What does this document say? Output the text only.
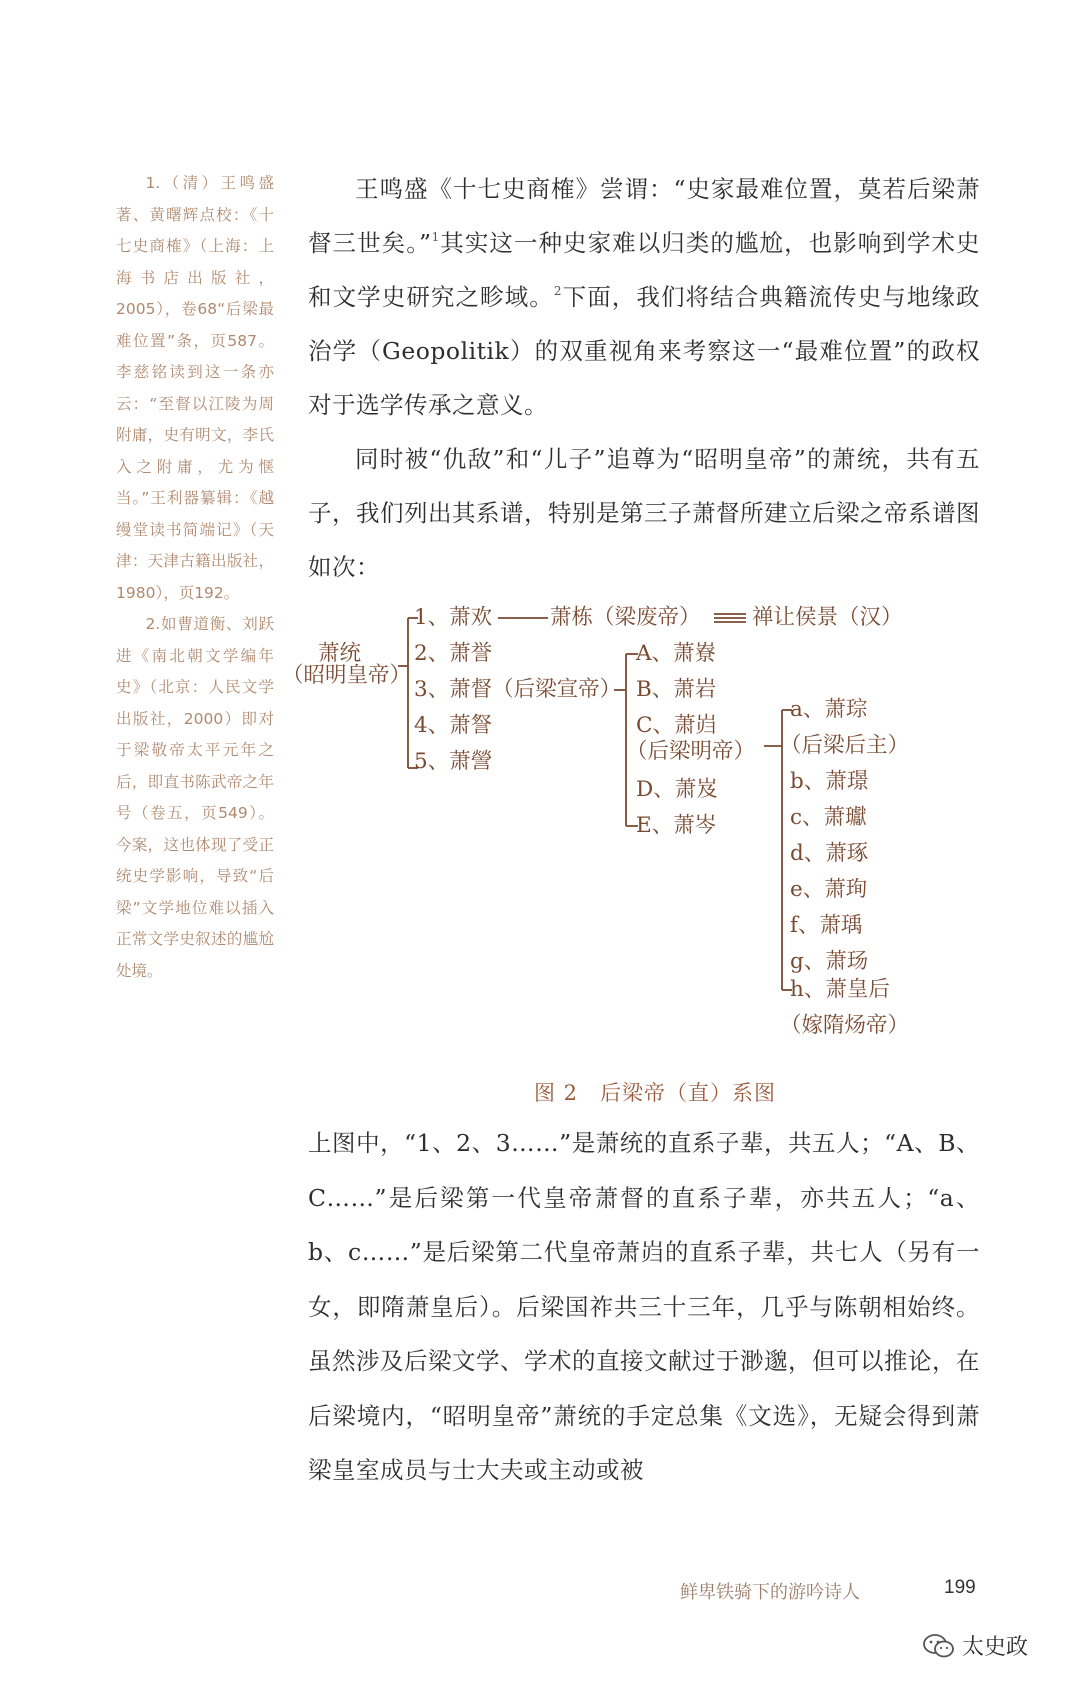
1.（清）王鸣盛著、黄曙辉点校：《十七史商榷》（上海：上海书店出版社，2005），卷68“后梁最难位置”条，页587。李慈铭读到这一条亦云：“至督以江陵为周附庸，史有明文，李氏入之附庸，尤为惬当。”王利器纂辑：《越缦堂读书简端记》（天津：天津古籍出版社，1980），页192。

2.如曹道衡、刘跃进《南北朝文学编年史》（北京：人民文学出版社，2000）即对于梁敬帝太平元年之后，即直书陈武帝之年号（卷五，页549）。今案，这也体现了受正统史学影响，导致“后梁”文学地位难以插入正常文学史叙述的尴尬处境。

王鸣盛《十七史商榷》尝谓：“史家最难位置，莫若后梁萧督三世矣。”$^1$其实这一种史家难以归类的尴尬，也影响到学术史和文学史研究之畛域。$^2$下面，我们将结合典籍流传史与地缘政治学（Geopolitik）的双重视角来考察这一“最难位置”的政权对于选学传承之意义。

同时被“仇敌”和“儿子”追尊为“昭明皇帝”的萧统，共有五子，我们列出其系谱，特别是第三子萧督所建立后梁之帝系谱图如次：

萧统
（昭明皇帝）
1、萧欢
2、萧誉
3、萧督（后梁宣帝）
4、萧詧
5、萧謍
萧栋（梁废帝） 禅让侯景（汉）
A、萧嶚
B、萧岩
C、萧岿
（后梁明帝）
D、萧岌
E、萧岑
a、萧琮
（后梁后主）
b、萧璟
c、萧瓛
d、萧琢
e、萧珣
f、萧瑀
g、萧玚
h、萧皇后
（嫁隋炀帝）
图 2　后梁帝（直）系图

上图中，“1、2、3……”是萧统的直系子辈，共五人；“A、B、C……”是后梁第一代皇帝萧督的直系子辈，亦共五人；“a、b、c……”是后梁第二代皇帝萧岿的直系子辈，共七人（另有一女，即隋萧皇后）。后梁国祚共三十三年，几乎与陈朝相始终。虽然涉及后梁文学、学术的直接文献过于渺邈，但可以推论，在后梁境内，“昭明皇帝”萧统的手定总集《文选》，无疑会得到萧梁皇室成员与士大夫或主动或被

鲜卑铁骑下的游吟诗人	199
太史政
